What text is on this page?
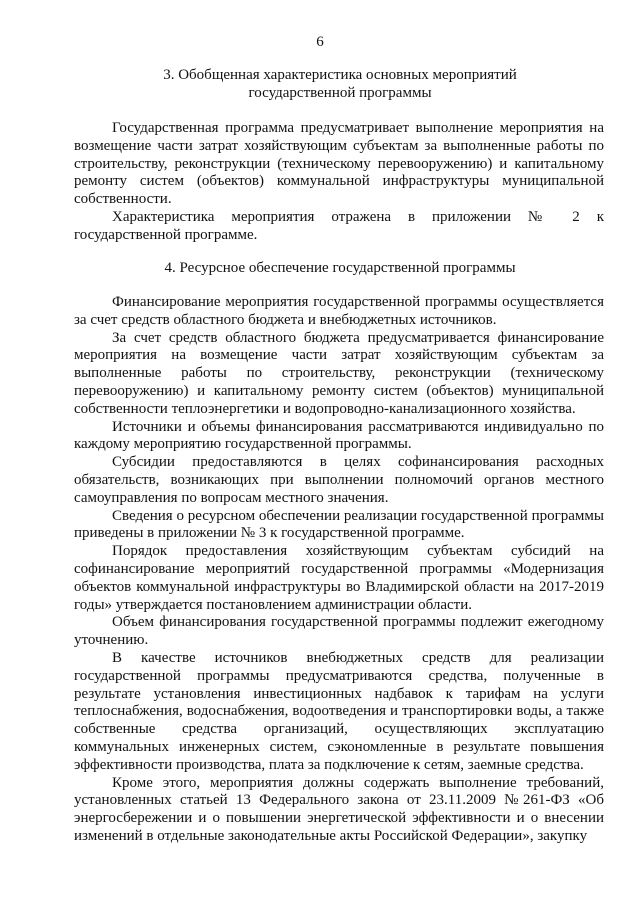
6
3. Обобщенная характеристика основных мероприятий
государственной программы

Государственная программа предусматривает выполнение мероприятия на возмещение части затрат хозяйствующим субъектам за выполненные работы по строительству, реконструкции (техническому перевооружению) и капитальному ремонту систем (объектов) коммунальной инфраструктуры муниципальной собственности.

Характеристика мероприятия отражена в приложении № 2 к государственной программе.

4. Ресурсное обеспечение государственной программы

Финансирование мероприятия государственной программы осуществляется за счет средств областного бюджета и внебюджетных источников.

За счет средств областного бюджета предусматривается финансирование мероприятия на возмещение части затрат хозяйствующим субъектам за выполненные работы по строительству, реконструкции (техническому перевооружению) и капитальному ремонту систем (объектов) муниципальной собственности теплоэнергетики и водопроводно-канализационного хозяйства.

Источники и объемы финансирования рассматриваются индивидуально по каждому мероприятию государственной программы.

Субсидии предоставляются в целях софинансирования расходных обязательств, возникающих при выполнении полномочий органов местного самоуправления по вопросам местного значения.

Сведения о ресурсном обеспечении реализации государственной программы приведены в приложении № 3 к государственной программе.

Порядок предоставления хозяйствующим субъектам субсидий на софинансирование мероприятий государственной программы «Модернизация объектов коммунальной инфраструктуры во Владимирской области на 2017-2019 годы» утверждается постановлением администрации области.

Объем финансирования государственной программы подлежит ежегодному уточнению.

В качестве источников внебюджетных средств для реализации государственной программы предусматриваются средства, полученные в результате установления инвестиционных надбавок к тарифам на услуги теплоснабжения, водоснабжения, водоотведения и транспортировки воды, а также собственные средства организаций, осуществляющих эксплуатацию коммунальных инженерных систем, сэкономленные в результате повышения эффективности производства, плата за подключение к сетям, заемные средства.

Кроме этого, мероприятия должны содержать выполнение требований, установленных статьей 13 Федерального закона от 23.11.2009 №261-ФЗ «Об энергосбережении и о повышении энергетической эффективности и о внесении изменений в отдельные законодательные акты Российской Федерации», закупку
